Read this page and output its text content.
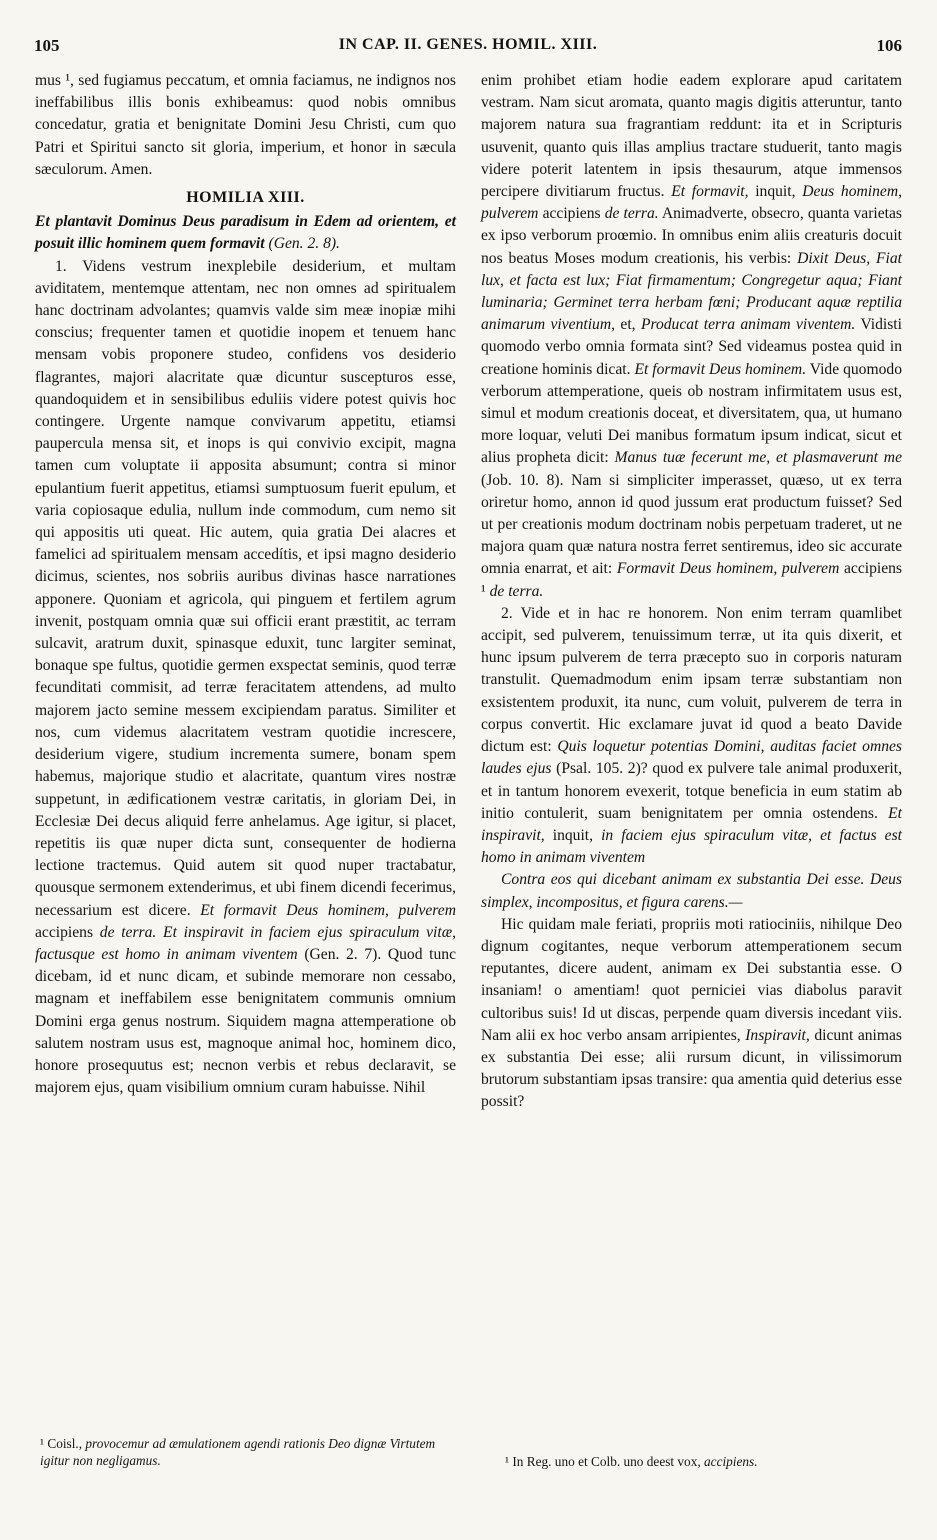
105	IN CAP. II. GENES. HOMIL. XIII.	106

mus ¹, sed fugiamus peccatum, et omnia faciamus, ne indignos nos ineffabilibus illis bonis exhibeamus: quod nobis omnibus concedatur, gratia et benignitate Domini Jesu Christi, cum quo Patri et Spiritui sancto sit gloria, imperium, et honor in sæcula sæculorum. Amen.

HOMILIA XIII.

Et plantavit Dominus Deus paradisum in Edem ad orientem, et posuit illic hominem quem formavit (Gen. 2. 8).

1. Videns vestrum inexplebile desiderium, et multam aviditatem, mentemque attentam, nec non omnes ad spiritualem hanc doctrinam advolantes; quamvis valde sim meæ inopiæ mihi conscius; frequenter tamen et quotidie inopem et tenuem hanc mensam vobis proponere studeo, confidens vos desiderio flagrantes, majori alacritate quæ dicuntur suscepturos esse, quandoquidem et in sensibilibus eduliis videre potest quivis hoc contingere. Urgente namque convivarum appetitu, etiamsi paupercula mensa sit, et inops is qui convivio excipit, magna tamen cum voluptate ii apposita absumunt; contra si minor epulantium fuerit appetitus, etiamsi sumptuosum fuerit epulum, et varia copiosaque edulia, nullum inde commodum, cum nemo sit qui appositis uti queat. Hic autem, quia gratia Dei alacres et famelici ad spiritualem mensam accedítis, et ipsi magno desiderio dicimus, scientes, nos sobriis auribus divinas hasce narrationes apponere. Quoniam et agricola, qui pinguem et fertilem agrum invenit, postquam omnia quæ sui officii erant præstitit, ac terram sulcavit, aratrum duxit, spinasque eduxit, tunc largiter seminat, bonaque spe fultus, quotidie germen exspectat seminis, quod terræ fecunditati commisit, ad terræ feracitatem attendens, ad multo majorem jacto semine messem excipiendam paratus. Similiter et nos, cum videmus alacritatem vestram quotidie increscere, desiderium vigere, studium incrementa sumere, bonam spem habemus, majorique studio et alacritate, quantum vires nostræ suppetunt, in ædificationem vestræ caritatis, in gloriam Dei, in Ecclesiæ Dei decus aliquid ferre anhelamus. Age igitur, si placet, repetitis iis quæ nuper dicta sunt, consequenter de hodierna lectione tractemus. Quid autem sit quod nuper tractabatur, quousque sermonem extenderimus, et ubi finem dicendi fecerimus, necessarium est dicere. Et formavit Deus hominem, pulverem accipiens de terra. Et inspiravit in faciem ejus spiraculum vitæ, factusque est homo in animam viventem (Gen. 2. 7). Quod tunc dicebam, id et nunc dicam, et subinde memorare non cessabo, magnam et ineffabilem esse benignitatem communis omnium Domini erga genus nostrum. Siquidem magna attemperatione ob salutem nostram usus est, magnoque animal hoc, hominem dico, honore prosequutus est; necnon verbis et rebus declaravit, se majorem ejus, quam visibilium omnium curam habuisse. Nihil

enim prohibet etiam hodie eadem explorare apud caritatem vestram. Nam sicut aromata, quanto magis digitis atteruntur, tanto majorem natura sua fragrantiam reddunt: ita et in Scripturis usuvenit, quanto quis illas amplius tractare studuerit, tanto magis videre poterit latentem in ipsis thesaurum, atque immensos percipere divitiarum fructus. Et formavit, inquit, Deus hominem, pulverem accipiens de terra. Animadverte, obsecro, quanta varietas ex ipso verborum proœmio. In omnibus enim aliis creaturis docuit nos beatus Moses modum creationis, his verbis: Dixit Deus, Fiat lux, et facta est lux; Fiat firmamentum; Congregetur aqua; Fiant luminaria; Germinet terra herbam fœni; Producant aquæ reptilia animarum viventium, et, Producat terra animam viventem. Vidisti quomodo verbo omnia formata sint? Sed videamus postea quid in creatione hominis dicat. Et formavit Deus hominem. Vide quomodo verborum attemperatione, queis ob nostram infirmitatem usus est, simul et modum creationis doceat, et diversitatem, qua, ut humano more loquar, veluti Dei manibus formatum ipsum indicat, sicut et alius propheta dicit: Manus tuæ fecerunt me, et plasmaverunt me (Job. 10. 8). Nam si simpliciter imperasset, quæso, ut ex terra oriretur homo, annon id quod jussum erat productum fuisset? Sed ut per creationis modum doctrinam nobis perpetuam traderet, ut ne majora quam quæ natura nostra ferret sentiremus, ideo sic accurate omnia enarrat, et ait: Formavit Deus hominem, pulverem accipiens ¹ de terra.

2. Vide et in hac re honorem. Non enim terram quamlibet accipit, sed pulverem, tenuissimum terræ, ut ita quis dixerit, et hunc ipsum pulverem de terra præcepto suo in corporis naturam transtulit. Quemadmodum enim ipsam terræ substantiam non exsistentem produxit, ita nunc, cum voluit, pulverem de terra in corpus convertit. Hic exclamare juvat id quod a beato Davide dictum est: Quis loquetur potentias Domini, auditas faciet omnes laudes ejus (Psal. 105. 2)? quod ex pulvere tale animal produxerit, et in tantum honorem evexerit, totque beneficia in eum statim ab initio contulerit, suam benignitatem per omnia ostendens. Et inspiravit, inquit, in faciem ejus spiraculum vitæ, et factus est homo in animam viventem

Contra eos qui dicebant animam ex substantia Dei esse. Deus simplex, incompositus, et figura carens.—

Hic quidam male feriati, propriis moti ratiociniis, nihilque Deo dignum cogitantes, neque verborum attemperationem secum reputantes, dicere audent, animam ex Dei substantia esse. O insaniam! o amentiam! quot perniciei vias diabolus paravit cultoribus suis! Id ut discas, perpende quam diversis incedant viis. Nam alii ex hoc verbo ansam arripientes, Inspiravit, dicunt animas ex substantia Dei esse; alii rursum dicunt, in vilissimorum brutorum substantiam ipsas transire: qua amentia quid deterius esse possit?

¹ Coisl., provocemur ad æmulationem agendi rationis Deo dignæ Virtutem igitur non negligamus.	¹ In Reg. uno et Colb. uno deest vox, accipiens.
